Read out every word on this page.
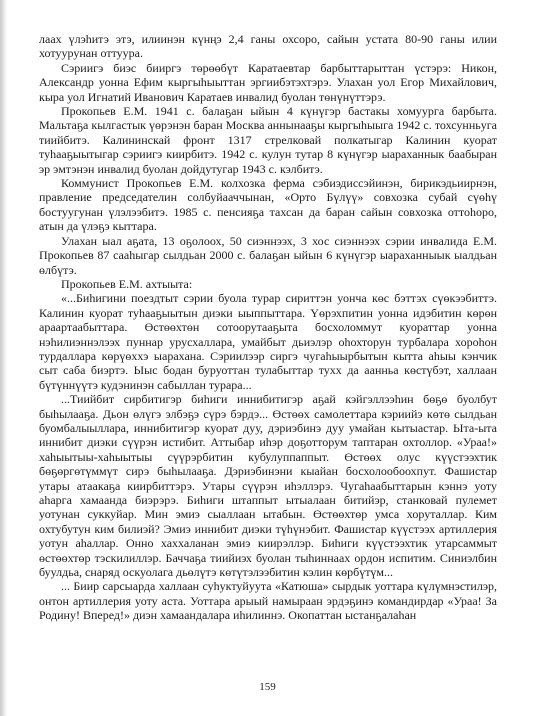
лаах үлэһитэ этэ, илиинэн күнңэ 2,4 ганы охсоро, сайын устата 80-90 ганы илии хотуурунан оттуура.

Сэриигэ биэс бииргэ төрөөбүт Каратаевтар барбыттарыттан үстэрэ: Никон, Александр уонна Ефим кыргыһыыттан эргиибэтэхтэрэ. Улахан уол Егор Михайлович, кыра уол Игнатий Иванович Каратаев инвалид буолан төнүнүттэрэ.

Прокопьев Е.М. 1941 с. балаҕан ыйын 4 күнүгэр бастакы хомуурга барбыта. Мальтаҕа кылгастык үөрэнэн баран Москва аннынааҕы кыргыһыыга 1942 с. тохсунньуга тиийбитэ. Калининскай фронт 1317 стрелковай полкатыгар Калинин куорат туһааҕыытыгар сэриигэ киирбитэ. 1942 с. кулун тутар 8 күнүгэр ыараханнык баабыран эр эмтэнэн инвалид буолан дойдутугар 1943 с. кэлбитэ.

Коммунист Прокопьев Е.М. колхозка ферма сэбиэдиссэйинэн, бирикэдьиирнэн, правление председателин солбуйааччынан, «Орто Бүлүү» совхозка субай сүөһү бостуугунан үлэлээбитэ. 1985 с. пенсияҕа тахсан да баран сайын совхозка оттоһоро, атын да үлэҕэ кыттара.

Улахан ыал аҕата, 13 оҕолоох, 50 сиэннээх, 3 хос сиэннээх сэрии инвалида Е.М. Прокопьев 87 сааһыгар сылдьан 2000 с. балаҕан ыйын 6 күнүгэр ыараханныык ыалдьан өлбүтэ.

Прокопьев Е.М. ахтыыта:

«...Биһигини поездтыт сэрии буола турар сириттэн уонча көс бэттэх сүөкээбиттэ. Калинин куорат туһааҕыытын диэки ыыппыттара. Үөрэхпитин уонна идэбитин көрөн араартаабыттара. Өстөөхтөн сотоорутааҕыта босхоломмут куораттар уонна нэһилиэннэлээх пуннар урусхаллара, умайбыт дьиэлэр оһохторун турбалара хороһон турдаллара көрүөххэ ыарахана. Сэриилээр сиргэ чугаһыырбытын кытта аһыы кэнчик сыт саба биэртэ. Ыыс бодан буруоттан тулабыттар тухх да аанньа көстүбэт, халлаан бүтүннүүтэ кудэнинэн сабыллан турара...

...Тиийбит сирбитигэр биһиги иннибитигэр аҕай кэйгэллээһин бөҕө буолбут быһылааҕа. Дьон өлүгэ элбэҕэ сүрэ бэрдэ... Өстөөх самолеттара кэриийэ көтө сылдьан буомбалыыллара, иннибитигэр куорат дуу, дэриэбинэ дуу умайан кытыастар. Ыта-ыта иннибит диэки сүүрэн истибит. Аттыбар иһэр доҕотторум таптаран охтоллор. «Ураа!» хаһыытыы-хаһыытыы сүүрэрбитин кубулуппаппыт. Өстөөх олус күүстээхтик бөҕөргөтүммүт сирэ быһылааҕа. Дэриэбинэни кыайан босхолообоохпут. Фашистар утары атаакаҕа киирбиттэрэ. Утары сүүрэн иһэллэрэ. Чугаһаабыттарын кэннэ уоту аһарга хамаанда биэрэрэ. Биһиги штаппыт ытыалаан битийэр, станковай пулемет уотунан суккуйар. Мин эмиэ сыаллаан ытабын. Өстөөхтөр умса хоруталлар. Ким охтубутун ким билиэй? Эмиэ иннибит диэки түһүнэбит. Фашистар күүстээх артиллерия уотун аһаллар. Онно хаххаланан эмиэ киирэллэр. Биһиги күүстээхтик утарсаммыт өстөөхтөр тэскилиллэр. Баччаҕа тиийиэх буолан тыһиннаах ордон испитим. Синиэлбин буулдьа, снаряд оскуолага дьөлүтэ көтүтэлээбитин кэлин көрбүтүм...

... Биир сарсыарда халлаан суһуктуйуута «Катюша» сырдык уоттара күлүмнэстилэр, онтон артиллерия уоту аста. Уоттара арыый намыраан эрдэҕинэ командирдар «Ураа! За Родину! Вперед!» диэн хамаандалара иһилиннэ. Окопаттан ыстанҕалаһан

159
